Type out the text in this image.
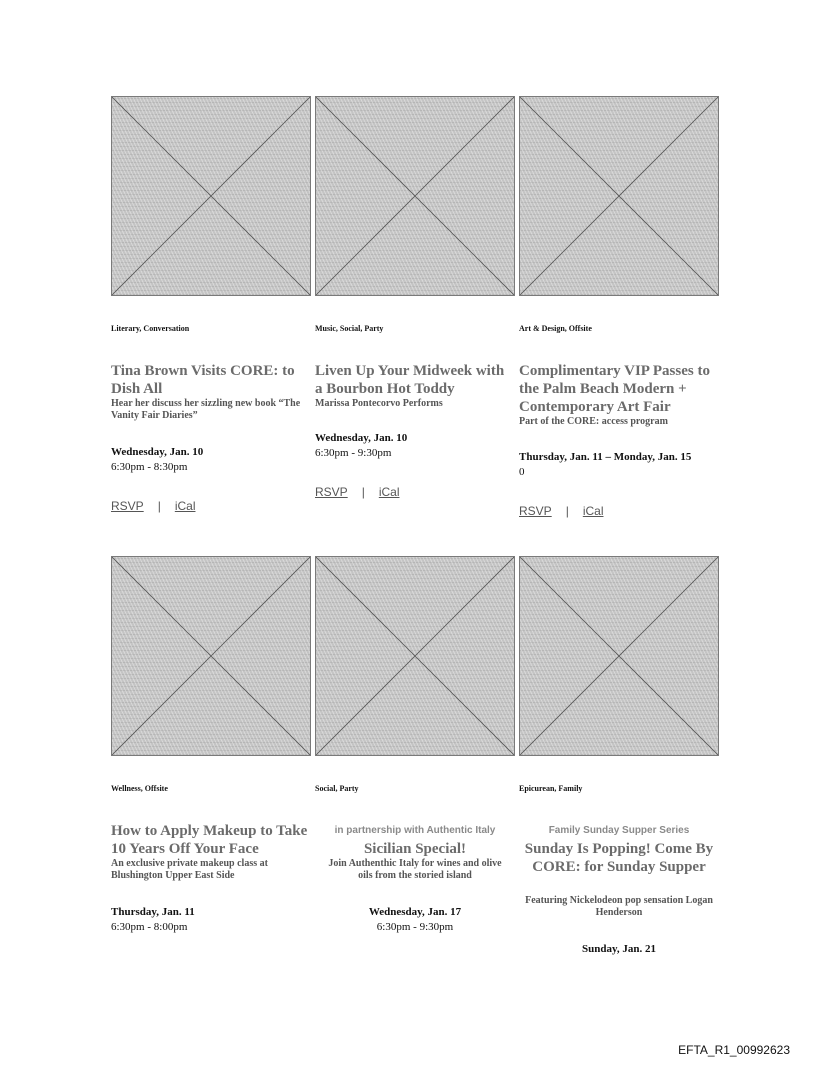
Literary, Conversation
Tina Brown Visits CORE: to Dish All
Hear her discuss her sizzling new book “The Vanity Fair Diaries”
Wednesday, Jan. 10
6:30pm - 8:30pm
RSVP | iCal
Music, Social, Party
Liven Up Your Midweek with a Bourbon Hot Toddy
Marissa Pontecorvo Performs
Wednesday, Jan. 10
6:30pm - 9:30pm
RSVP | iCal
Art & Design, Offsite
Complimentary VIP Passes to the Palm Beach Modern + Contemporary Art Fair
Part of the CORE: access program
Thursday, Jan. 11 – Monday, Jan. 15
0
RSVP | iCal
Wellness, Offsite
How to Apply Makeup to Take 10 Years Off Your Face
An exclusive private makeup class at Blushington Upper East Side
Thursday, Jan. 11
6:30pm - 8:00pm
Social, Party
in partnership with Authentic Italy
Sicilian Special!
Join Authenthic Italy for wines and olive oils from the storied island
Wednesday, Jan. 17
6:30pm - 9:30pm
Epicurean, Family
Family Sunday Supper Series
Sunday Is Popping! Come By CORE: for Sunday Supper
Featuring Nickelodeon pop sensation Logan Henderson
Sunday, Jan. 21
EFTA_R1_00992623
